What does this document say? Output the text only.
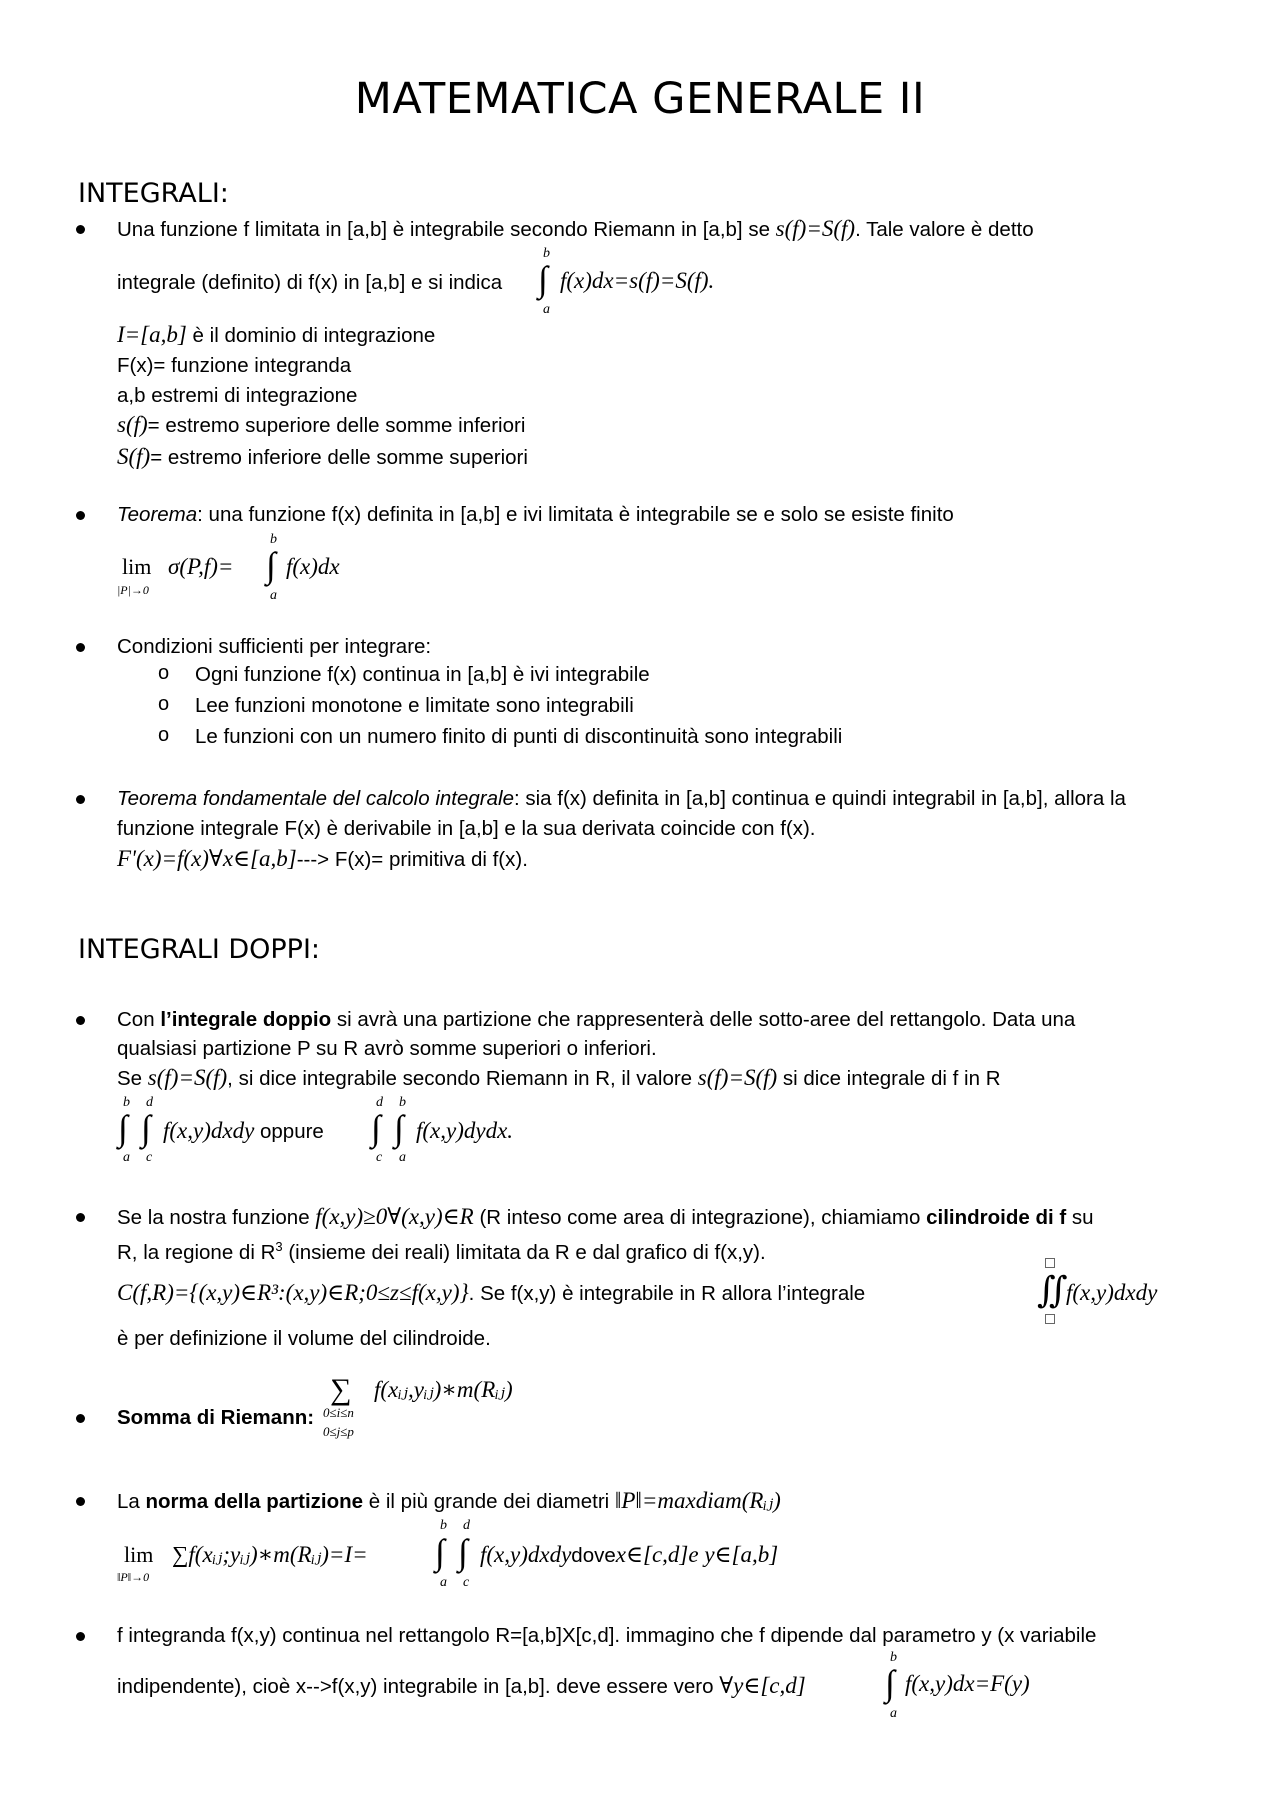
MATEMATICA GENERALE II
INTEGRALI:
Una funzione f limitata in [a,b] è integrabile secondo Riemann in [a,b] se s(f)=S(f). Tale valore è detto
integrale (definito) di f(x) in [a,b] e si indica
b
∫
a
f(x)dx=s(f)=S(f).
I=[a,b] è il dominio di integrazione
F(x)= funzione integranda
a,b estremi di integrazione
s(f)= estremo superiore delle somme inferiori
S(f)= estremo inferiore delle somme superiori
Teorema: una funzione f(x) definita in [a,b] e ivi limitata è integrabile se e solo se esiste finito
lim
|P|→0
σ(P,f)=
b
∫
a
f(x)dx
Condizioni sufficienti per integrare:
o Ogni funzione f(x) continua in [a,b] è ivi integrabile
o Lee funzioni monotone e limitate sono integrabili
o Le funzioni con un numero finito di punti di discontinuità sono integrabili
Teorema fondamentale del calcolo integrale: sia f(x) definita in [a,b] continua e quindi integrabil in [a,b], allora la
funzione integrale F(x) è derivabile in [a,b] e la sua derivata coincide con f(x).
F'(x)=f(x)∀x∈[a,b]---> F(x)= primitiva di f(x).
INTEGRALI DOPPI:
Con l’integrale doppio si avrà una partizione che rappresenterà delle sotto-aree del rettangolo. Data una
qualsiasi partizione P su R avrò somme superiori o inferiori.
Se s(f)=S(f), si dice integrabile secondo Riemann in R, il valore s(f)=S(f) si dice integrale di f in R
b d
∫ ∫
a c
f(x,y)dxdy oppure
d b
∫ ∫
c a
f(x,y)dydx.
Se la nostra funzione f(x,y)≥0∀(x,y)∈R (R inteso come area di integrazione), chiamiamo cilindroide di f su
R, la regione di $R^3$ (insieme dei reali) limitata da R e dal grafico di f(x,y).
C(f,R)={(x,y)∈R³:(x,y)∈R;0≤z≤f(x,y)}. Se f(x,y) è integrabile in R allora l’integrale	∬
f(x,y)dxdy
è per definizione il volume del cilindroide.
Somma di Riemann:
∑
0≤i≤n
0≤j≤p
f(xᵢⱼ,yᵢⱼ)∗m(Rᵢⱼ)
La norma della partizione è il più grande dei diametri ‖P‖=maxdiam(Rᵢⱼ)
lim
‖P‖→0
∑f(xᵢⱼ;yᵢⱼ)∗m(Rᵢⱼ)=I=
b d
∫ ∫
a c
f(x,y)dxdydovex∈[c,d]e y∈[a,b]
f integranda f(x,y) continua nel rettangolo R=[a,b]X[c,d]. immagino che f dipende dal parametro y (x variabile
indipendente), cioè x-->f(x,y) integrabile in [a,b]. deve essere vero ∀y∈[c,d]
b
∫
a
f(x,y)dx=F(y)
